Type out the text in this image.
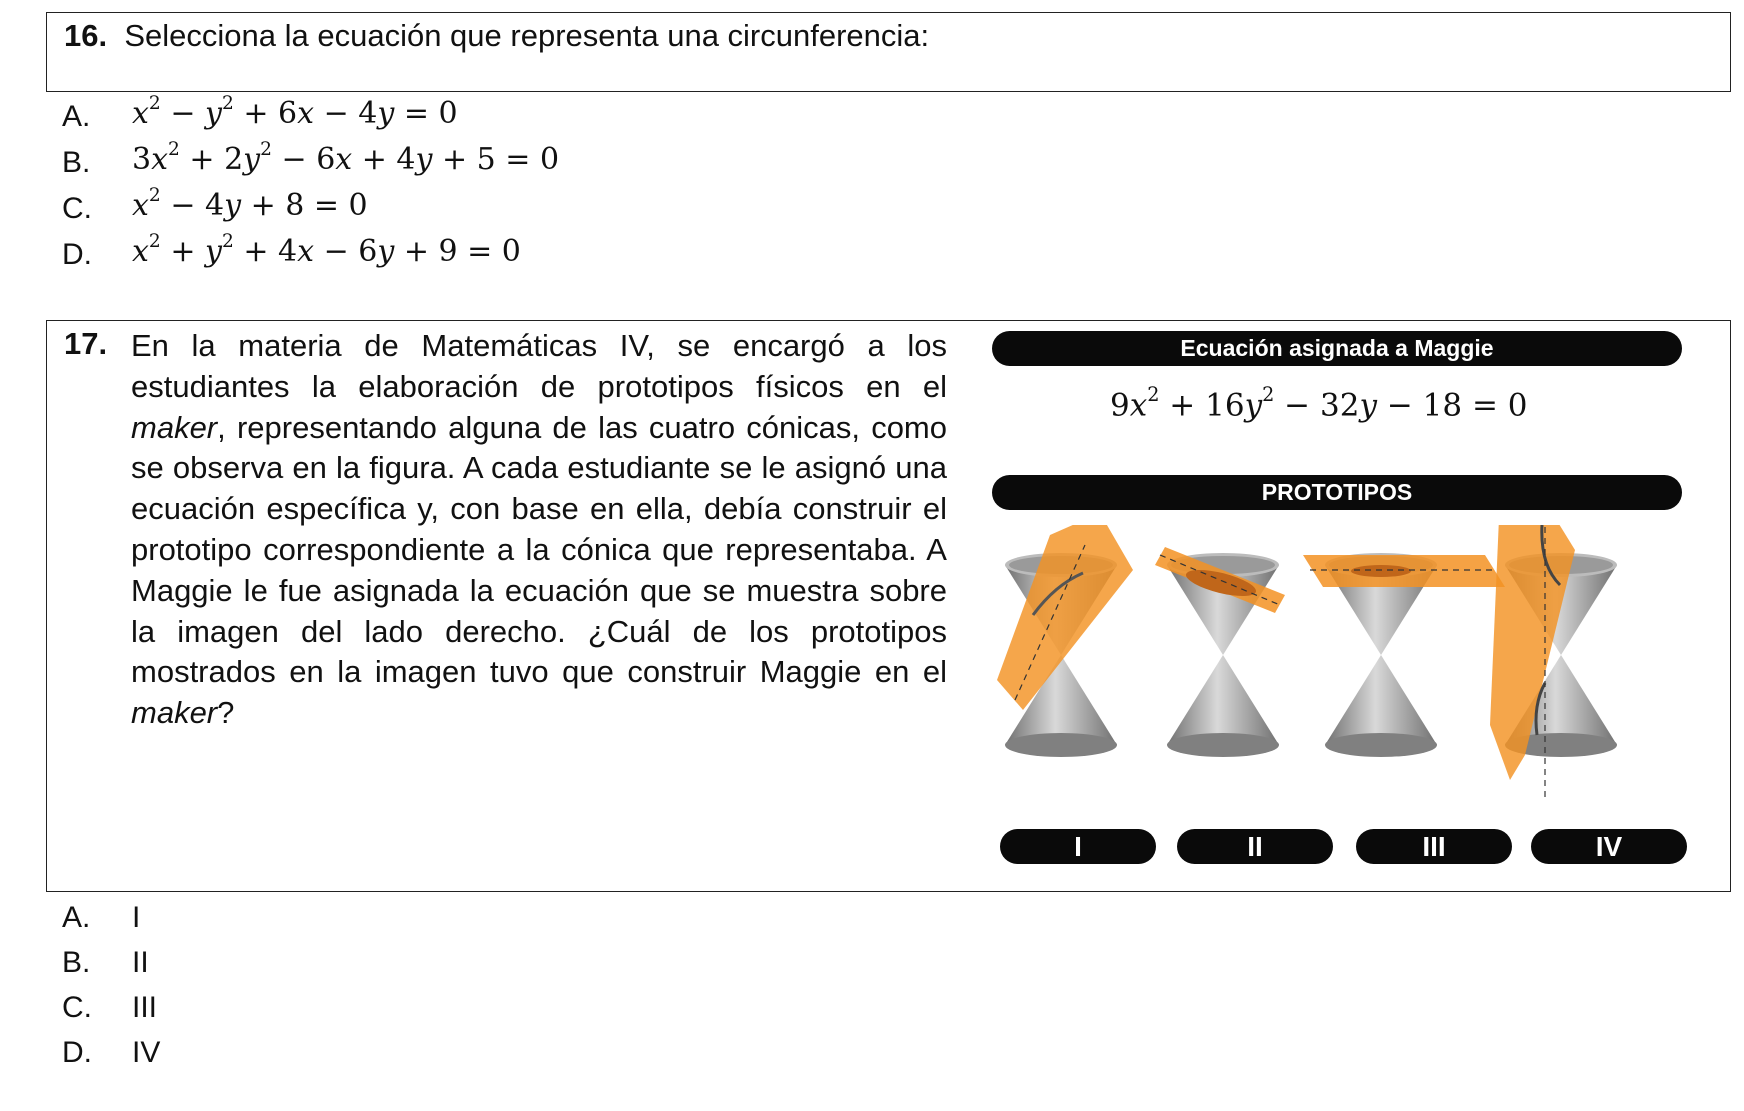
16. Selecciona la ecuación que representa una circunferencia:
A. $x^2 - y^2 + 6x - 4y = 0$
B. $3x^2 + 2y^2 - 6x + 4y + 5 = 0$
C. $x^2 - 4y + 8 = 0$
D. $x^2 + y^2 + 4x - 6y + 9 = 0$
17. En la materia de Matemáticas IV, se encargó a los estudiantes la elaboración de prototipos físicos en el maker, representando alguna de las cuatro cónicas, como se observa en la figura. A cada estudiante se le asignó una ecuación específica y, con base en ella, debía construir el prototipo correspondiente a la cónica que representaba. A Maggie le fue asignada la ecuación que se muestra sobre la imagen del lado derecho. ¿Cuál de los prototipos mostrados en la imagen tuvo que construir Maggie en el maker?
Ecuación asignada a Maggie
$9x^2 + 16y^2 - 32y - 18 = 0$
PROTOTIPOS
I	II	III	IV
A. I
B. II
C. III
D. IV
